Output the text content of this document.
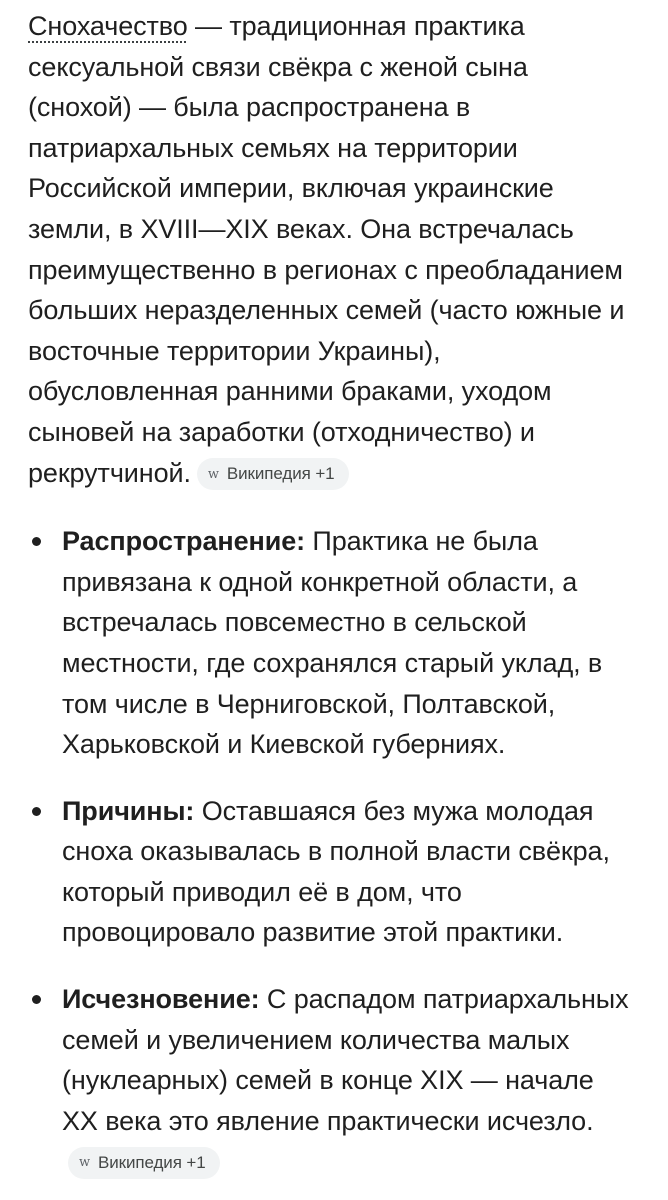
Снохачество — традиционная практика сексуальной связи свёкра с женой сына (снохой) — была распространена в патриархальных семьях на территории Российской империи, включая украинские земли, в XVIII—XIX веках. Она встречалась преимущественно в регионах с преобладанием больших неразделенных семей (часто южные и восточные территории Украины), обусловленная ранними браками, уходом сыновей на заработки (отходничество) и рекрутчиной. w Википедия +1

Распространение: Практика не была привязана к одной конкретной области, а встречалась повсеместно в сельской местности, где сохранялся старый уклад, в том числе в Черниговской, Полтавской, Харьковской и Киевской губерниях.
Причины: Оставшаяся без мужа молодая сноха оказывалась в полной власти свёкра, который приводил её в дом, что провоцировало развитие этой практики.
Исчезновение: С распадом патриархальных семей и увеличением количества малых (нуклеарных) семей в конце XIX — начале XX века это явление практически исчезло.
w Википедия +1
